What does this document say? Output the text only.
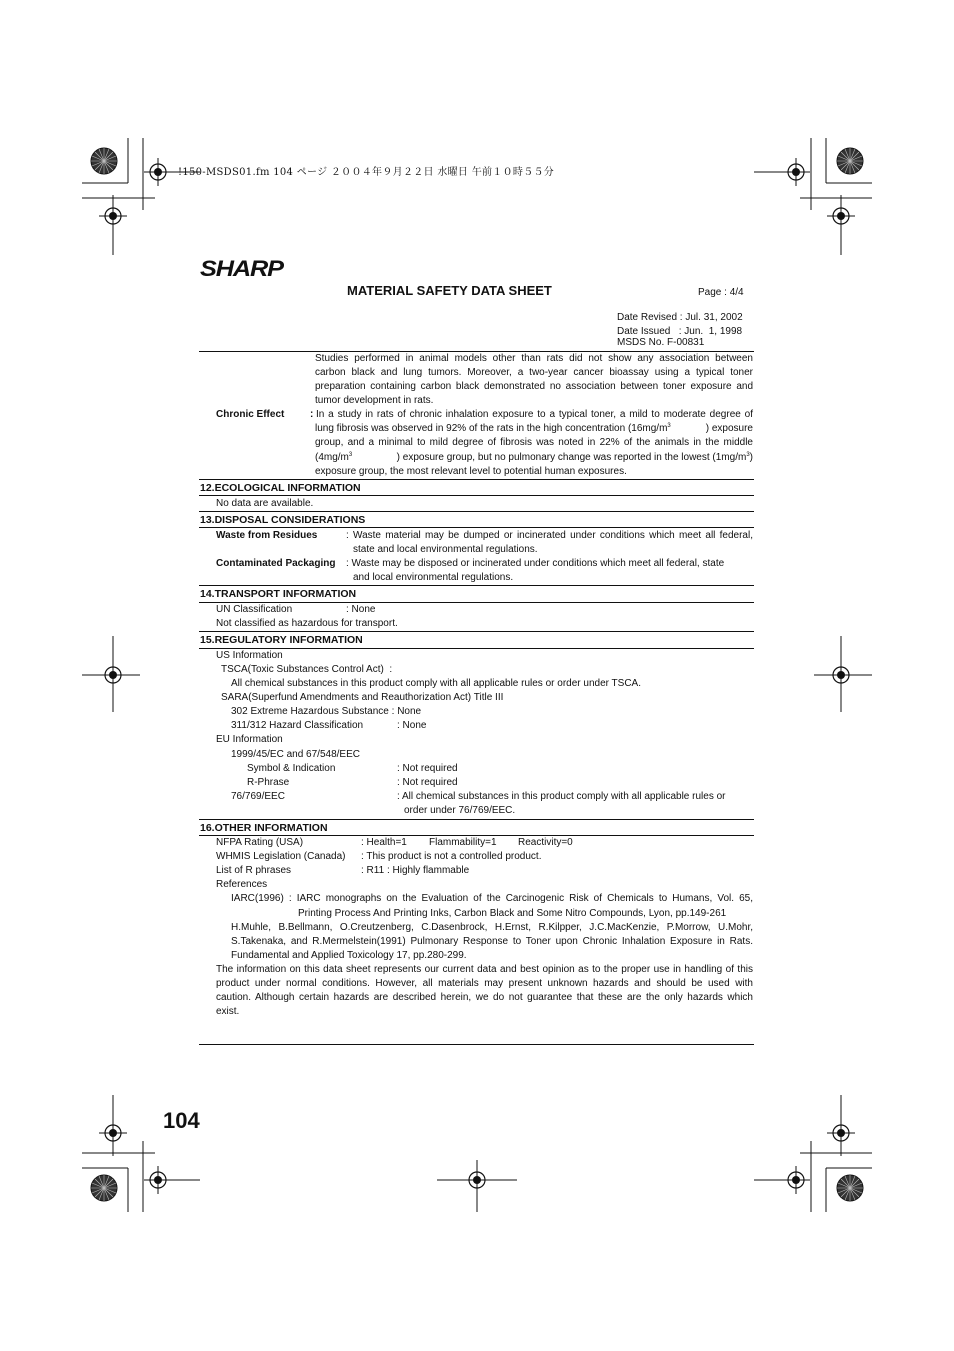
!150-MSDS01.fm 104 ページ ２００４年９月２２日 水曜日 午前１０時５５分
SHARP
MATERIAL SAFETY DATA SHEET	Page : 4/4
Date Revised : Jul. 31, 2002
Date Issued   : Jun.  1, 1998
MSDS No. F-00831
Studies performed in animal models other than rats did not show any association between
carbon black and lung tumors. Moreover, a two-year cancer bioassay using a typical toner
preparation containing carbon black demonstrated no association between toner exposure and
tumor development in rats.
Chronic Effect	: In a study in rats of chronic inhalation exposure to a typical toner, a mild to moderate degree of
lung fibrosis was observed in 92% of the rats in the high concentration ($16mg/m^3$	) exposure
group, and a minimal to mild degree of fibrosis was noted in 22% of the animals in the middle
($4mg/m^3$	) exposure group, but no pulmonary change was reported in the lowest $(1mg/m^3)$
exposure group, the most relevant level to potential human exposures.
12.ECOLOGICAL INFORMATION
No data are available.
13.DISPOSAL CONSIDERATIONS
Waste from Residues	: Waste material may be dumped or incinerated under conditions which meet all federal,
state and local environmental regulations.
Contaminated Packaging : Waste may be disposed or incinerated under conditions which meet all federal, state
and local environmental regulations.
14.TRANSPORT INFORMATION
UN Classification	: None
Not classified as hazardous for transport.
15.REGULATORY INFORMATION
US Information
TSCA(Toxic Substances Control Act)  :
All chemical substances in this product comply with all applicable rules or order under TSCA.
SARA(Superfund Amendments and Reauthorization Act) Title III
302 Extreme Hazardous Substance : None
311/312 Hazard Classification	: None
EU Information
1999/45/EC and 67/548/EEC
Symbol & Indication	: Not required
R-Phrase	: Not required
76/769/EEC	: All chemical substances in this product comply with all applicable rules or
order under 76/769/EEC.
16.OTHER INFORMATION
NFPA Rating (USA)	: Health=1 Flammability=1 Reactivity=0
WHMIS Legislation (Canada) : This product is not a controlled product.
List of R phrases	: R11 : Highly flammable
References
IARC(1996) : IARC monographs on the Evaluation of the Carcinogenic Risk of Chemicals to Humans, Vol. 65,
Printing Process And Printing Inks, Carbon Black and Some Nitro Compounds, Lyon, pp.149-261
H.Muhle, B.Bellmann, O.Creutzenberg, C.Dasenbrock, H.Ernst, R.Kilpper, J.C.MacKenzie, P.Morrow, U.Mohr,
S.Takenaka, and R.Mermelstein(1991) Pulmonary Response to Toner upon Chronic Inhalation Exposure in Rats.
Fundamental and Applied Toxicology 17, pp.280-299.
The information on this data sheet represents our current data and best opinion as to the proper use in handling of this
product under normal conditions. However, all materials may present unknown hazards and should be used with
caution. Although certain hazards are described herein, we do not guarantee that these are the only hazards which
exist.
104
